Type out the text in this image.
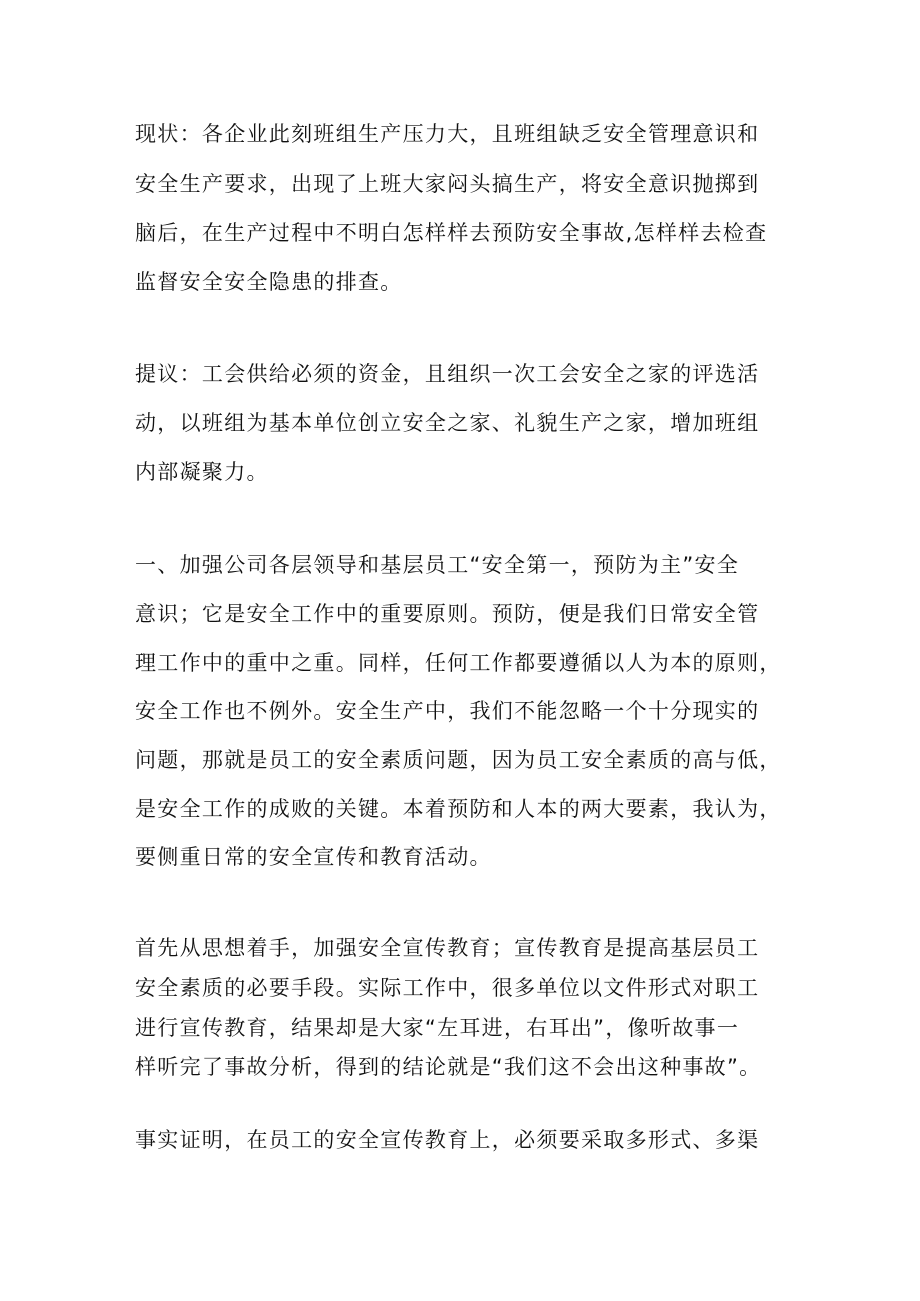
现状：各企业此刻班组生产压力大，且班组缺乏安全管理意识和
安全生产要求，出现了上班大家闷头搞生产，将安全意识抛掷到
脑后，在生产过程中不明白怎样样去预防安全事故,怎样样去检查
监督安全安全隐患的排查。
提议：工会供给必须的资金，且组织一次工会安全之家的评选活
动，以班组为基本单位创立安全之家、礼貌生产之家，增加班组
内部凝聚力。
一、加强公司各层领导和基层员工“安全第一，预防为主”安全
意识；它是安全工作中的重要原则。预防，便是我们日常安全管
理工作中的重中之重。同样，任何工作都要遵循以人为本的原则，
安全工作也不例外。安全生产中，我们不能忽略一个十分现实的
问题，那就是员工的安全素质问题，因为员工安全素质的高与低，
是安全工作的成败的关键。本着预防和人本的两大要素，我认为，
要侧重日常的安全宣传和教育活动。
首先从思想着手，加强安全宣传教育；宣传教育是提高基层员工
安全素质的必要手段。实际工作中，很多单位以文件形式对职工
进行宣传教育，结果却是大家“左耳进，右耳出”，像听故事一
样听完了事故分析，得到的结论就是“我们这不会出这种事故”。
事实证明，在员工的安全宣传教育上，必须要采取多形式、多渠
